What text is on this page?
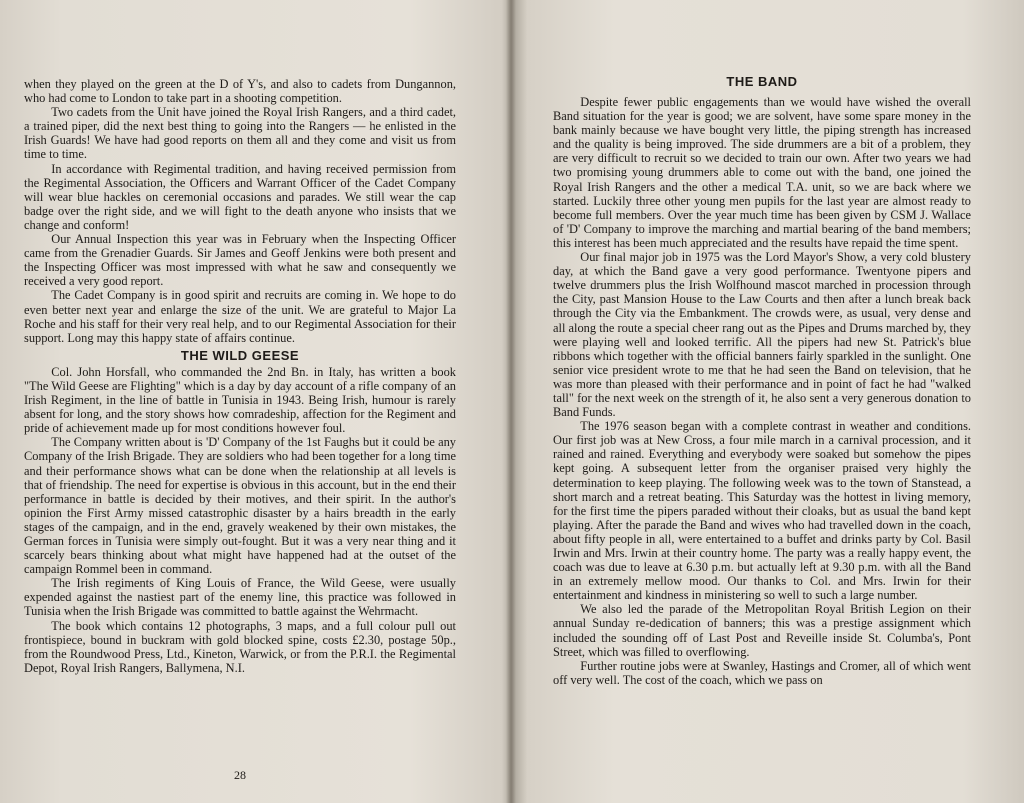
when they played on the green at the D of Y's, and also to cadets from Dungannon, who had come to London to take part in a shooting competition.

Two cadets from the Unit have joined the Royal Irish Rangers, and a third cadet, a trained piper, did the next best thing to going into the Rangers — he enlisted in the Irish Guards! We have had good reports on them all and they come and visit us from time to time.

In accordance with Regimental tradition, and having received permission from the Regimental Association, the Officers and Warrant Officer of the Cadet Company will wear blue hackles on ceremonial occasions and parades. We still wear the cap badge over the right side, and we will fight to the death anyone who insists that we change and conform!

Our Annual Inspection this year was in February when the Inspecting Officer came from the Grenadier Guards. Sir James and Geoff Jenkins were both present and the Inspecting Officer was most impressed with what he saw and consequently we received a very good report.

The Cadet Company is in good spirit and recruits are coming in. We hope to do even better next year and enlarge the size of the unit. We are grateful to Major La Roche and his staff for their very real help, and to our Regimental Association for their support. Long may this happy state of affairs continue.

THE WILD GEESE

Col. John Horsfall, who commanded the 2nd Bn. in Italy, has written a book "The Wild Geese are Flighting" which is a day by day account of a rifle company of an Irish Regiment, in the line of battle in Tunisia in 1943. Being Irish, humour is rarely absent for long, and the story shows how comradeship, affection for the Regiment and pride of achievement made up for most conditions however foul.

The Company written about is 'D' Company of the 1st Faughs but it could be any Company of the Irish Brigade. They are soldiers who had been together for a long time and their performance shows what can be done when the relationship at all levels is that of friendship. The need for expertise is obvious in this account, but in the end their performance in battle is decided by their motives, and their spirit. In the author's opinion the First Army missed catastrophic disaster by a hairs breadth in the early stages of the campaign, and in the end, gravely weakened by their own mistakes, the German forces in Tunisia were simply out-fought. But it was a very near thing and it scarcely bears thinking about what might have happened had at the outset of the campaign Rommel been in command.

The Irish regiments of King Louis of France, the Wild Geese, were usually expended against the nastiest part of the enemy line, this practice was followed in Tunisia when the Irish Brigade was committed to battle against the Wehrmacht.

The book which contains 12 photographs, 3 maps, and a full colour pull out frontispiece, bound in buckram with gold blocked spine, costs £2.30, postage 50p., from the Roundwood Press, Ltd., Kineton, Warwick, or from the P.R.I. the Regimental Depot, Royal Irish Rangers, Ballymena, N.I.

28
THE BAND

Despite fewer public engagements than we would have wished the overall Band situation for the year is good; we are solvent, have some spare money in the bank mainly because we have bought very little, the piping strength has increased and the quality is being improved. The side drummers are a bit of a problem, they are very difficult to recruit so we decided to train our own. After two years we had two promising young drummers able to come out with the band, one joined the Royal Irish Rangers and the other a medical T.A. unit, so we are back where we started. Luckily three other young men pupils for the last year are almost ready to become full members. Over the year much time has been given by CSM J. Wallace of 'D' Company to improve the marching and martial bearing of the band members; this interest has been much appreciated and the results have repaid the time spent.

Our final major job in 1975 was the Lord Mayor's Show, a very cold blustery day, at which the Band gave a very good performance. Twentyone pipers and twelve drummers plus the Irish Wolfhound mascot marched in procession through the City, past Mansion House to the Law Courts and then after a lunch break back through the City via the Embankment. The crowds were, as usual, very dense and all along the route a special cheer rang out as the Pipes and Drums marched by, they were playing well and looked terrific. All the pipers had new St. Patrick's blue ribbons which together with the official banners fairly sparkled in the sunlight. One senior vice president wrote to me that he had seen the Band on television, that he was more than pleased with their performance and in point of fact he had "walked tall" for the next week on the strength of it, he also sent a very generous donation to Band Funds.

The 1976 season began with a complete contrast in weather and conditions. Our first job was at New Cross, a four mile march in a carnival procession, and it rained and rained. Everything and everybody were soaked but somehow the pipes kept going. A subsequent letter from the organiser praised very highly the determination to keep playing. The following week was to the town of Stanstead, a short march and a retreat beating. This Saturday was the hottest in living memory, for the first time the pipers paraded without their cloaks, but as usual the band kept playing. After the parade the Band and wives who had travelled down in the coach, about fifty people in all, were entertained to a buffet and drinks party by Col. Basil Irwin and Mrs. Irwin at their country home. The party was a really happy event, the coach was due to leave at 6.30 p.m. but actually left at 9.30 p.m. with all the Band in an extremely mellow mood. Our thanks to Col. and Mrs. Irwin for their entertainment and kindness in ministering so well to such a large number.

We also led the parade of the Metropolitan Royal British Legion on their annual Sunday re-dedication of banners; this was a prestige assignment which included the sounding off of Last Post and Reveille inside St. Columba's, Pont Street, which was filled to overflowing.

Further routine jobs were at Swanley, Hastings and Cromer, all of which went off very well. The cost of the coach, which we pass on
